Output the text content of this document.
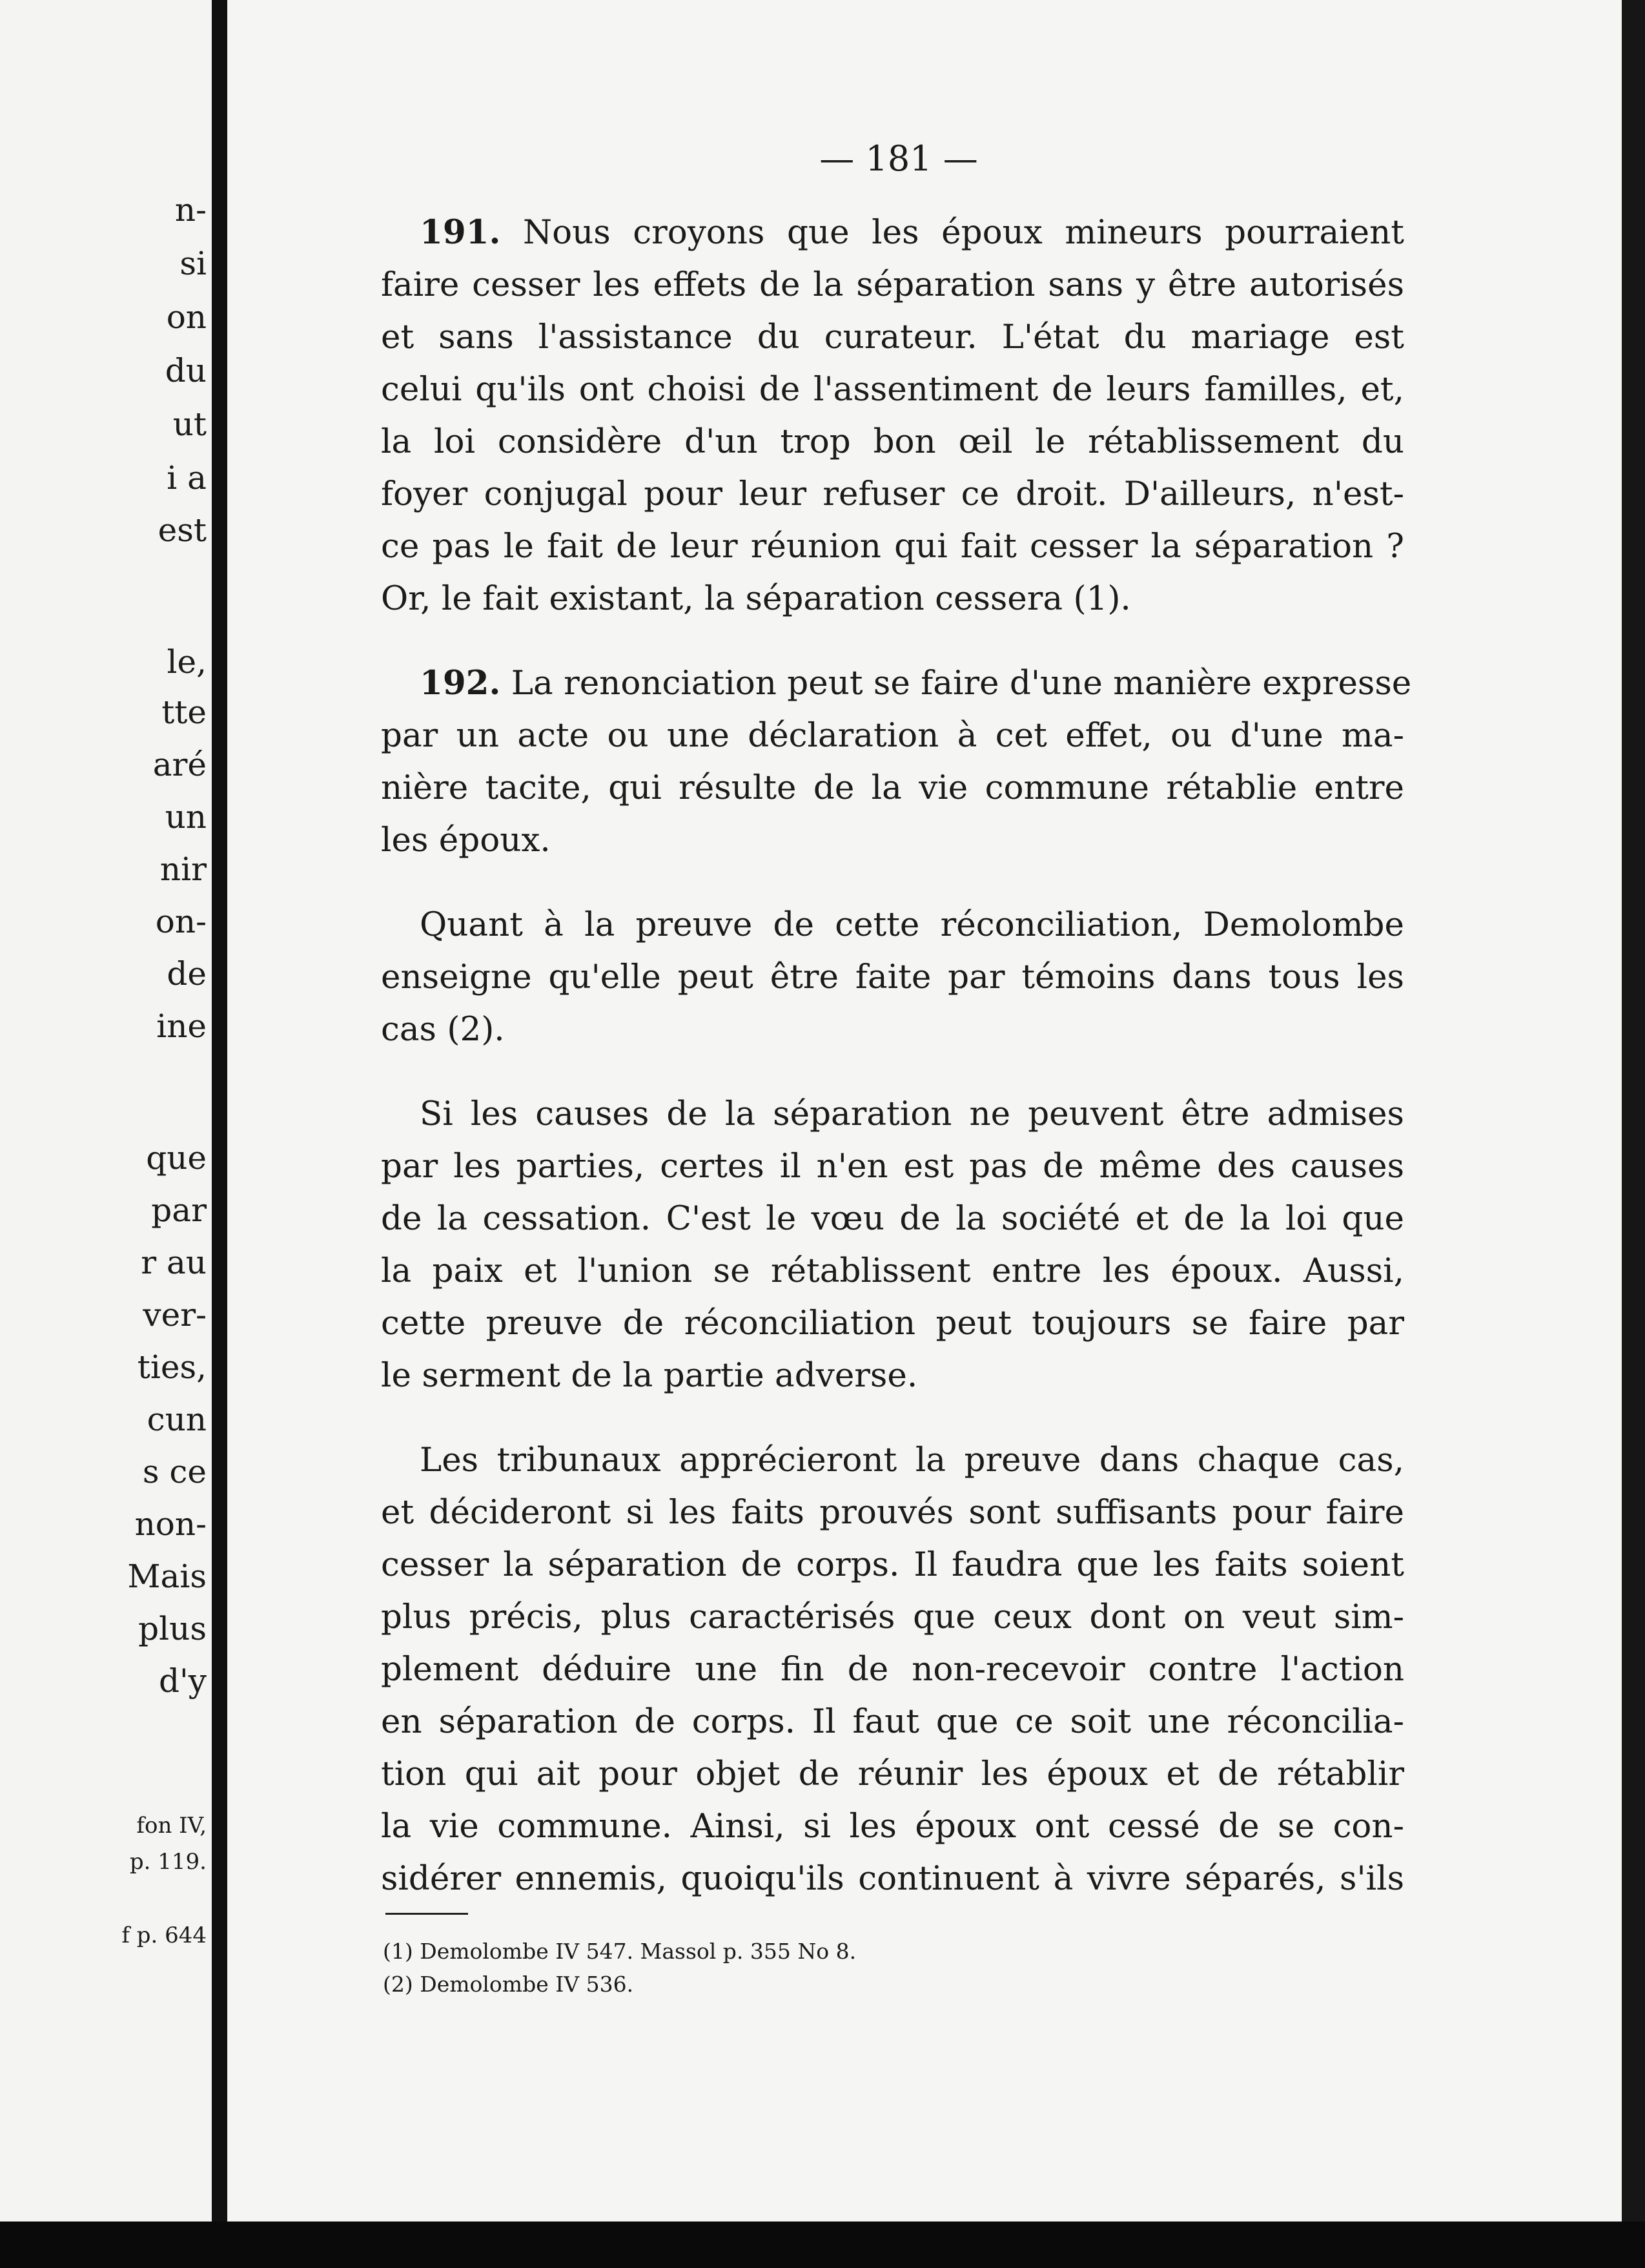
n-
si
on
du
ut
i a
est
le,
tte
aré
un
nir
on-
de
ine
que
par
r au
ver-
ties,
cun
s ce
non-
Mais
plus
d'y
fon IV,
p. 119.
f p. 644
— 181 —
191. Nous croyons que les époux mineurs pourraient
faire cesser les effets de la séparation sans y être autorisés
et sans l'assistance du curateur. L'état du mariage est
celui qu'ils ont choisi de l'assentiment de leurs familles, et,
la loi considère d'un trop bon œil le rétablissement du
foyer conjugal pour leur refuser ce droit. D'ailleurs, n'est-
ce pas le fait de leur réunion qui fait cesser la séparation ?
Or, le fait existant, la séparation cessera (1).
192. La renonciation peut se faire d'une manière expresse
par un acte ou une déclaration à cet effet, ou d'une ma-
nière tacite, qui résulte de la vie commune rétablie entre
les époux.
Quant à la preuve de cette réconciliation, Demolombe
enseigne qu'elle peut être faite par témoins dans tous les
cas (2).
Si les causes de la séparation ne peuvent être admises
par les parties, certes il n'en est pas de même des causes
de la cessation. C'est le vœu de la société et de la loi que
la paix et l'union se rétablissent entre les époux. Aussi,
cette preuve de réconciliation peut toujours se faire par
le serment de la partie adverse.
Les tribunaux apprécieront la preuve dans chaque cas,
et décideront si les faits prouvés sont suffisants pour faire
cesser la séparation de corps. Il faudra que les faits soient
plus précis, plus caractérisés que ceux dont on veut sim-
plement déduire une fin de non-recevoir contre l'action
en séparation de corps. Il faut que ce soit une réconcilia-
tion qui ait pour objet de réunir les époux et de rétablir
la vie commune. Ainsi, si les époux ont cessé de se con-
sidérer ennemis, quoiqu'ils continuent à vivre séparés, s'ils
(1) Demolombe IV 547. Massol p. 355 No 8.
(2) Demolombe IV 536.
